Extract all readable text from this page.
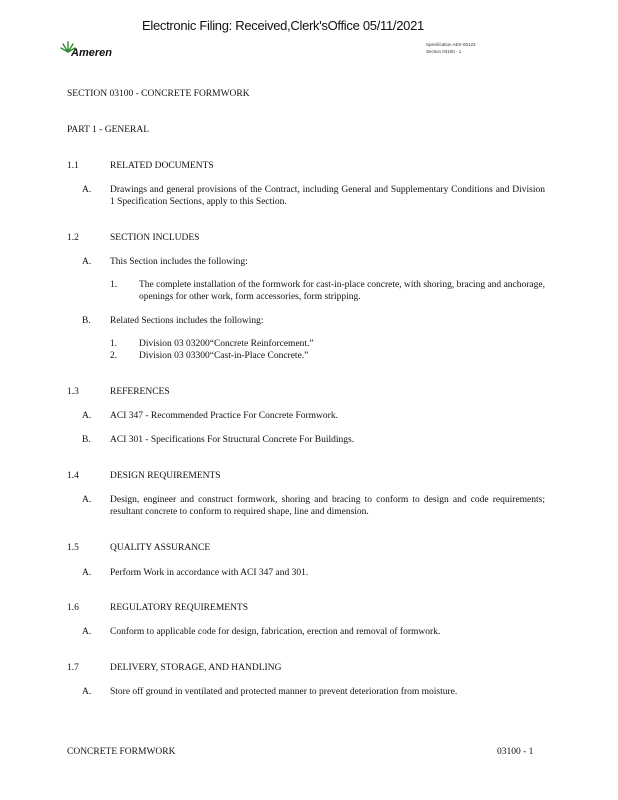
Electronic Filing: Received,Clerk'sOffice 05/11/2021
Ameren
Specification AEX-00123
Section 03100 - 1
SECTION 03100 - CONCRETE FORMWORK
PART 1 - GENERAL
1.1	RELATED DOCUMENTS
A. Drawings and general provisions of the Contract, including General and Supplementary Conditions and Division 1 Specification Sections, apply to this Section.
1.2	SECTION INCLUDES
A. This Section includes the following:
1. The complete installation of the formwork for cast-in-place concrete, with shoring, bracing and anchorage, openings for other work, form accessories, form stripping.
B. Related Sections includes the following:
1. Division 03 03200“Concrete Reinforcement.”
2. Division 03 03300“Cast-in-Place Concrete.”
1.3	REFERENCES
A. ACI 347 - Recommended Practice For Concrete Formwork.
B. ACI 301 - Specifications For Structural Concrete For Buildings.
1.4	DESIGN REQUIREMENTS
A. Design, engineer and construct formwork, shoring and bracing to conform to design and code requirements; resultant concrete to conform to required shape, line and dimension.
1.5	QUALITY ASSURANCE
A. Perform Work in accordance with ACI 347 and 301.
1.6	REGULATORY REQUIREMENTS
A. Conform to applicable code for design, fabrication, erection and removal of formwork.
1.7	DELIVERY, STORAGE, AND HANDLING
A. Store off ground in ventilated and protected manner to prevent deterioration from moisture.
CONCRETE FORMWORK	03100 - 1
